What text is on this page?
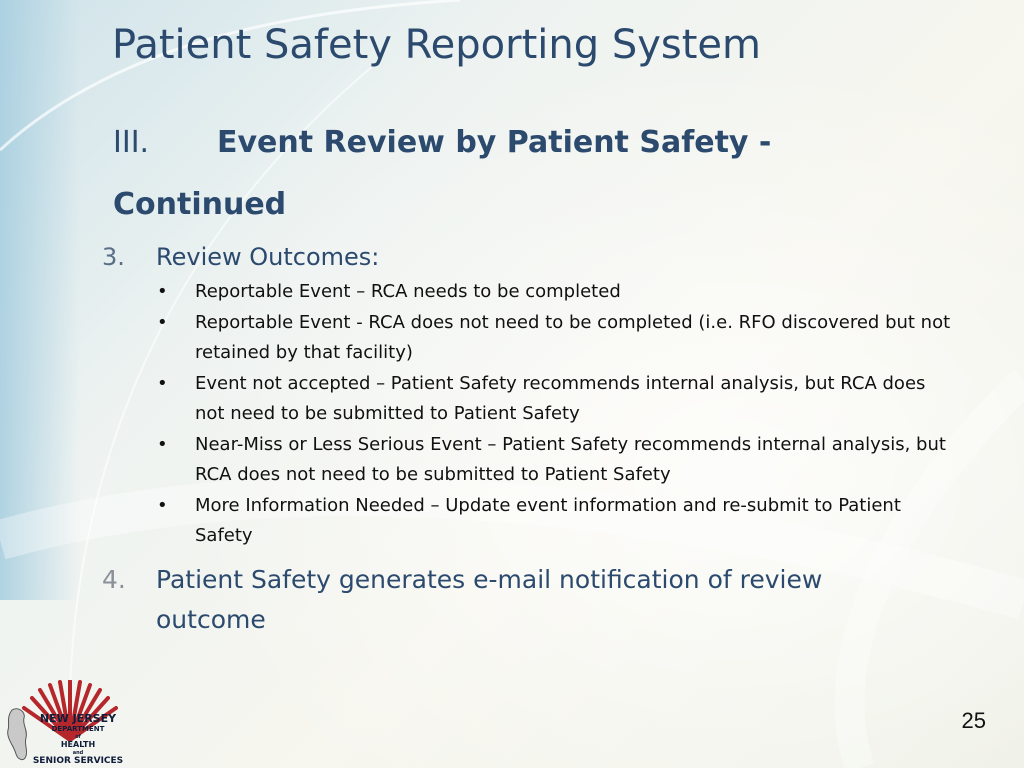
Patient Safety Reporting System
III. Event Review by Patient Safety - Continued
3. Review Outcomes:
• Reportable Event – RCA needs to be completed
• Reportable Event - RCA does not need to be completed (i.e. RFO discovered but not retained by that facility)
• Event not accepted – Patient Safety recommends internal analysis, but RCA does not need to be submitted to Patient Safety
• Near-Miss or Less Serious Event – Patient Safety recommends internal analysis, but RCA does not need to be submitted to Patient Safety
• More Information Needed – Update event information and re-submit to Patient Safety
4. Patient Safety generates e-mail notification of review outcome
NEW JERSEY
DEPARTMENT
of
HEALTH
and
SENIOR SERVICES
25
